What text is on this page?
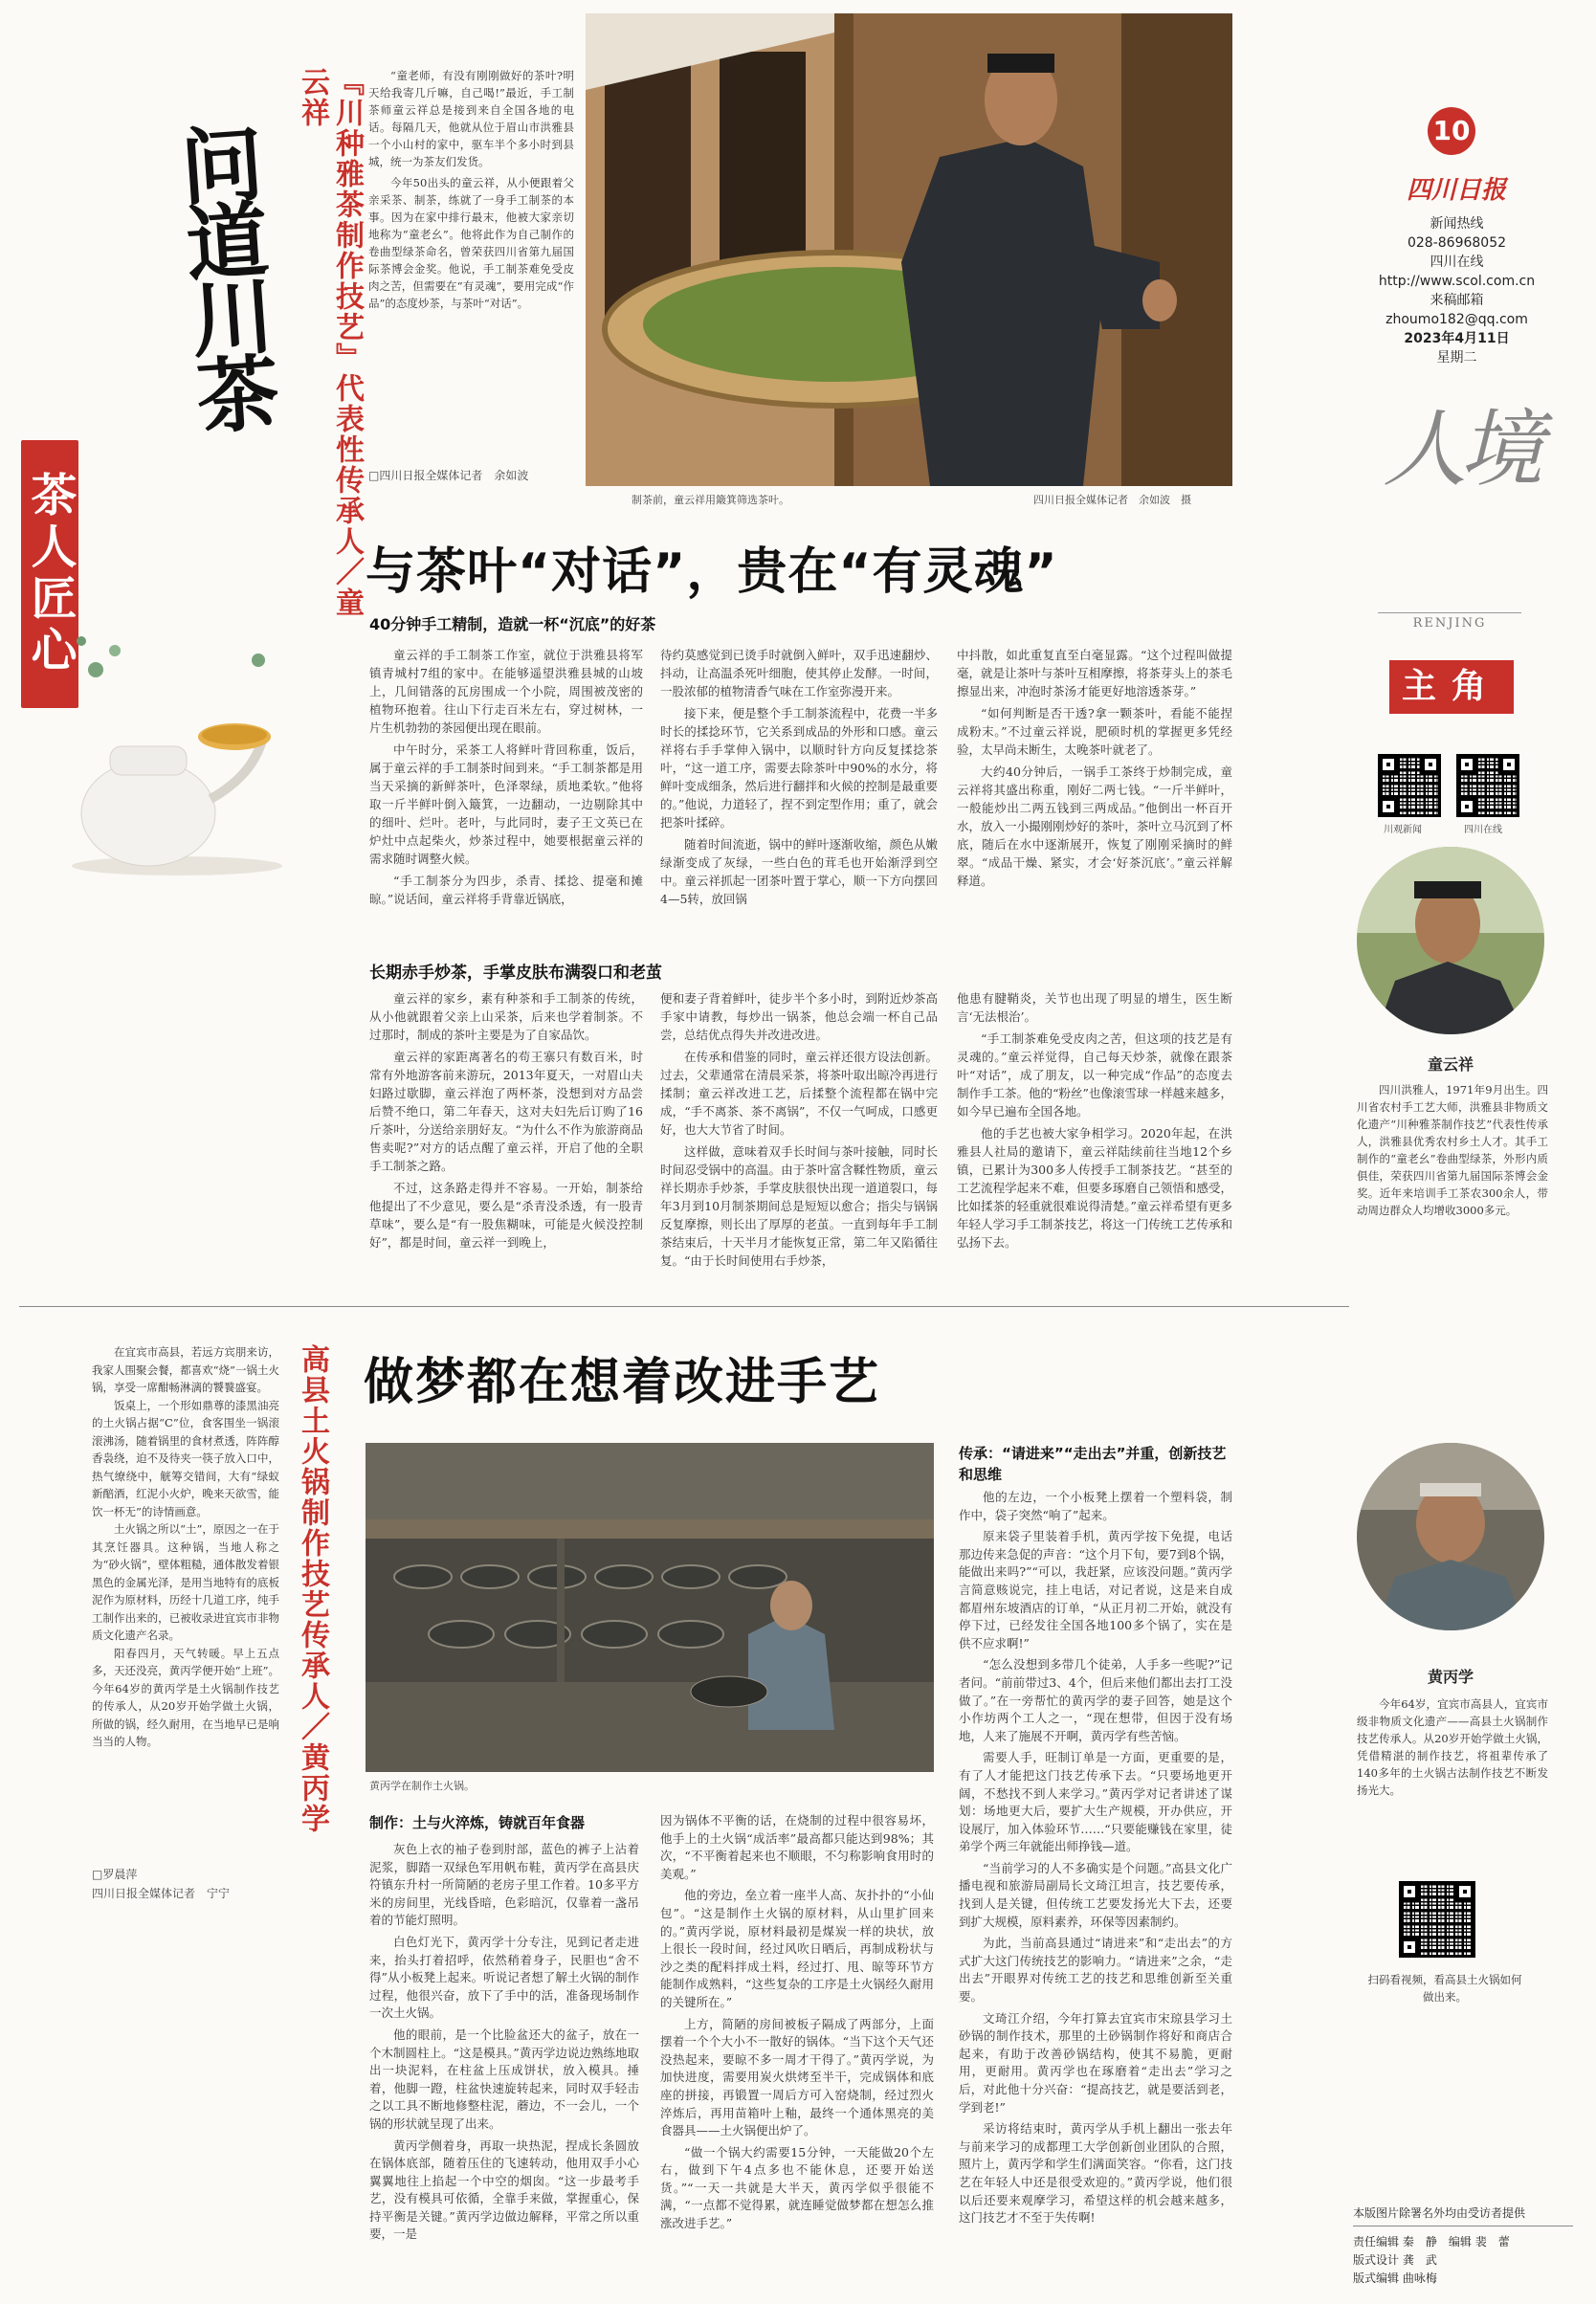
问道川茶
茶人匠心	『川种雅茶制作技艺』代表性传承人／童云祥	“童老师，有没有刚刚做好的茶叶?明天给我寄几斤嘛，自己喝!”最近，手工制茶师童云祥总是接到来自全国各地的电话。每隔几天，他就从位于眉山市洪雅县一个小山村的家中，驱车半个多小时到县城，统一为茶友们发货。

今年50出头的童云祥，从小便跟着父亲采茶、制茶，练就了一身手工制茶的本事。因为在家中排行最末，他被大家亲切地称为“童老幺”。他将此作为自己制作的卷曲型绿茶命名，曾荣获四川省第九届国际茶博会金奖。他说，手工制茶难免受皮肉之苦，但需要在“有灵魂”，要用完成“作品”的态度炒茶，与茶叶“对话”。

□四川日报全媒体记者　余如波
制茶前，童云祥用簸箕筛选茶叶。	四川日报全媒体记者　余如波　摄
与茶叶“对话”，贵在“有灵魂”
40分钟手工精制，造就一杯“沉底”的好茶

童云祥的手工制茶工作室，就位于洪雅县将军镇青城村7组的家中。在能够遥望洪雅县城的山坡上，几间错落的瓦房围成一个小院，周围被茂密的植物环抱着。往山下行走百米左右，穿过树林，一片生机勃勃的茶园便出现在眼前。

中午时分，采茶工人将鲜叶背回称重，饭后，属于童云祥的手工制茶时间到来。“手工制茶都是用当天采摘的新鲜茶叶，色泽翠绿，质地柔软。”他将取一斤半鲜叶倒入簸箕，一边翻动，一边剔除其中的细叶、烂叶。老叶，与此同时，妻子王文英已在炉灶中点起柴火，炒茶过程中，她要根据童云祥的需求随时调整火候。

“手工制茶分为四步，杀青、揉捻、提毫和摊晾。”说话间，童云祥将手背靠近锅底，

待约莫感觉到已烫手时就倒入鲜叶，双手迅速翻炒、抖动，让高温杀死叶细胞，使其停止发酵。一时间，一股浓郁的植物清香气味在工作室弥漫开来。

接下来，便是整个手工制茶流程中，花费一半多时长的揉捻环节，它关系到成品的外形和口感。童云祥将右手手掌伸入锅中，以顺时针方向反复揉捻茶叶，“这一道工序，需要去除茶叶中90%的水分，将鲜叶变成细条，然后进行翻拌和火候的控制是最重要的。”他说，力道轻了，捏不到定型作用；重了，就会把茶叶揉碎。

随着时间流逝，锅中的鲜叶逐渐收缩，颜色从嫩绿渐变成了灰绿，一些白色的茸毛也开始渐浮到空中。童云祥抓起一团茶叶置于掌心，顺一下方向摆回4—5转，放回锅

中抖散，如此重复直至白毫显露。“这个过程叫做提毫，就是让茶叶与茶叶互相摩擦，将茶芽头上的茶毛擦显出来，冲泡时茶汤才能更好地溶透茶芽。”

“如何判断是否干透?拿一颗茶叶，看能不能捏成粉末。”不过童云祥说，肥硕时机的掌握更多凭经验，太早尚未断生，太晚茶叶就老了。

大约40分钟后，一锅手工茶终于炒制完成，童云祥将其盛出称重，刚好二两七钱。“一斤半鲜叶，一般能炒出二两五钱到三两成品。”他倒出一杯百开水，放入一小撮刚刚炒好的茶叶，茶叶立马沉到了杯底，随后在水中逐渐展开，恢复了刚刚采摘时的鲜翠。“成品干燥、紧实，才会‘好茶沉底’。”童云祥解释道。

长期赤手炒茶，手掌皮肤布满裂口和老茧

童云祥的家乡，素有种茶和手工制茶的传统，从小他就跟着父亲上山采茶，后来也学着制茶。不过那时，制成的茶叶主要是为了自家品饮。

童云祥的家距离著名的苟王寨只有数百米，时常有外地游客前来游玩，2013年夏天，一对眉山夫妇路过歇脚，童云祥泡了两杯茶，没想到对方品尝后赞不绝口，第二年春天，这对夫妇先后订购了16斤茶叶，分送给亲朋好友。“为什么不作为旅游商品售卖呢?”对方的话点醒了童云祥，开启了他的全职手工制茶之路。

不过，这条路走得并不容易。一开始，制茶给他提出了不少意见，要么是“杀青没杀透，有一股青草味”，要么是“有一股焦糊味，可能是火候没控制好”，都是时间，童云祥一到晚上，

便和妻子背着鲜叶，徒步半个多小时，到附近炒茶高手家中请教，每炒出一锅茶，他总会端一杯自己品尝，总结优点得失并改进改进。

在传承和借鉴的同时，童云祥还很方设法创新。过去，父辈通常在清晨采茶，将茶叶取出晾冷再进行揉制；童云祥改进工艺，后揉整个流程都在锅中完成，“手不离茶、茶不离锅”，不仅一气呵成，口感更好，也大大节省了时间。

这样做，意味着双手长时间与茶叶接触，同时长时间忍受锅中的高温。由于茶叶富含鞣性物质，童云祥长期赤手炒茶，手掌皮肤很快出现一道道裂口，每年3月到10月制茶期间总是短短以愈合；指尖与锅锅反复摩擦，则长出了厚厚的老茧。一直到每年手工制茶结束后，十天半月才能恢复正常，第二年又陷循往复。“由于长时间使用右手炒茶，

他患有腱鞘炎，关节也出现了明显的增生，医生断言‘无法根治’。

“手工制茶难免受皮肉之苦，但这项的技艺是有灵魂的。”童云祥觉得，自己每天炒茶，就像在跟茶叶“对话”，成了朋友，以一种完成“作品”的态度去制作手工茶。他的“粉丝”也像滚雪球一样越来越多，如今早已遍布全国各地。

他的手艺也被大家争相学习。2020年起，在洪雅县人社局的邀请下，童云祥陆续前往当地12个乡镇，已累计为300多人传授手工制茶技艺。“甚至的工艺流程学起来不难，但要多琢磨自己领悟和感受，比如揉茶的轻重就很难说得清楚。”童云祥希望有更多年轻人学习手工制茶技艺，将这一门传统工艺传承和弘扬下去。

10
四川日报
新闻热线
028-86968052
四川在线
http://www.scol.com.cn
来稿邮箱
zhoumo182@qq.com
2023年4月11日
星期二
人境
RENJING
主角
川观新闻	四川在线
童云祥

四川洪雅人，1971年9月出生。四川省农村手工艺大师，洪雅县非物质文化遗产“川种雅茶制作技艺”代表性传承人，洪雅县优秀农村乡土人才。其手工制作的“童老幺”卷曲型绿茶，外形内质俱佳，荣获四川省第九届国际茶博会金奖。近年来培训手工茶农300余人，带动周边群众人均增收3000多元。

在宜宾市高县，若远方宾朋来访，我家人围聚会餐，都喜欢“烧”一锅土火锅，享受一席酣畅淋漓的饕餮盛宴。

饭桌上，一个形如鼎尊的漆黑油亮的土火锅占据“C”位，食客围坐一锅滚滚沸汤，随着锅里的食材煮透，阵阵醇香袅绕，迫不及待夹一筷子放入口中，热气缭绕中，觥筹交错间，大有“绿蚁新醅酒，红泥小火炉，晚来天欲雪，能饮一杯无”的诗情画意。

土火锅之所以“土”，原因之一在于其烹饪器具。这种锅，当地人称之为“砂火锅”，壁体粗糙，通体散发着银黑色的金属光泽，是用当地特有的底板泥作为原材料，历经十几道工序，纯手工制作出来的，已被收录进宜宾市非物质文化遗产名录。

阳春四月，天气转暖。早上五点多，天还没亮，黄丙学便开始“上班”。今年64岁的黄丙学是土火锅制作技艺的传承人，从20岁开始学做土火锅，所做的锅，经久耐用，在当地早已是响当当的人物。

□罗晨萍
四川日报全媒体记者　宁宁
高县土火锅制作技艺传承人／黄丙学 做梦都在想着改进手艺
黄丙学在制作土火锅。
制作：土与火淬炼，铸就百年食器

灰色上衣的袖子卷到肘部，蓝色的裤子上沾着泥浆，脚踏一双绿色军用帆布鞋，黄丙学在高县庆符镇东升村一所简陋的老房子里工作着。10多平方米的房间里，光线昏暗，色彩暗沉，仅靠着一盏吊着的节能灯照明。

白色灯光下，黄丙学十分专注，见到记者走进来，抬头打着招呼，依然稍着身子，民胆也“舍不得”从小板凳上起来。听说记者想了解土火锅的制作过程，他很兴奋，放下了手中的活，准备现场制作一次土火锅。

他的眼前，是一个比脸盆还大的盆子，放在一个木制圆柱上。“这是模具。”黄丙学边说边熟练地取出一块泥料，在柱盆上压成饼状，放入模具。捶着，他脚一蹬，柱盆快速旋转起来，同时双手轻击之以工具不断地修整柱泥，蘑边，不一会儿，一个锅的形状就呈现了出来。

黄丙学侧着身，再取一块热泥，捏成长条圆放在锅体底部，随着压住的飞速转动，他用双手小心翼翼地往上掐起一个中空的烟囱。“这一步最考手艺，没有模具可依循，全靠手来做，掌握重心，保持平衡是关键。”黄丙学边做边解释，平常之所以重要，一是

因为锅体不平衡的话，在烧制的过程中很容易坏，他手上的土火锅“成活率”最高都只能达到98%；其次，“不平衡着起来也不顺眼，不匀称影响食用时的美观。”

他的旁边，垒立着一座半人高、灰扑扑的“小仙包”。“这是制作土火锅的原材料，从山里扩回来的。”黄丙学说，原材料最初是煤炭一样的块状，放上很长一段时间，经过风吹日晒后，再制成粉状与沙之类的配料拌成土料，经过打、甩、晾等环节方能制作成熟料，“这些复杂的工序是土火锅经久耐用的关键所在。”

上方，简陋的房间被板子隔成了两部分，上面摆着一个个大小不一散好的锅体。“当下这个天气还没热起来，要晾不多一周才干得了。”黄丙学说，为加快进度，需要用炭火烘烤至半干，完成锅体和底座的拼接，再锻置一周后方可入窑烧制，经过烈火淬炼后，再用苗箱叶上釉，最终一个通体黑亮的美食器具——土火锅便出炉了。

“做一个锅大约需要15分钟，一天能做20个左右，做到下午4点多也不能休息，还要开始送货。”“一天一共就是大半天，黄丙学似乎很能不满，“一点都不觉得累，就连睡觉做梦都在想怎么推涨改进手艺。”

传承：“请进来”“走出去”并重，创新技艺和思维

他的左边，一个小板凳上摆着一个塑料袋，制作中，袋子突然“响了”起来。

原来袋子里装着手机，黄丙学按下免提，电话那边传来急促的声音：“这个月下旬，要7到8个锅，能做出来吗?”“可以，我赶紧，应该没问题。”黄丙学言简意赅说完，挂上电话，对记者说，这是来自成都眉州东坡酒店的订单，“从正月初二开始，就没有停下过，已经发往全国各地100多个锅了，实在是供不应求啊!”

“怎么没想到多带几个徒弟，人手多一些呢?”记者问。“前前带过3、4个，但后来他们都出去打工没做了。”在一旁帮忙的黄丙学的妻子回答，她是这个小作坊两个工人之一，“现在想带，但因于没有场地，人来了施展不开啊，黄丙学有些苦恼。

需要人手，旺制订单是一方面，更重要的是，有了人才能把这门技艺传承下去。“只要场地更开阔，不愁找不到人来学习。”黄丙学对记者讲述了谋划：场地更大后，要扩大生产规模，开办供应，开设展厅，加入体验环节……“只要能赚钱在家里，徒弟学个两三年就能出师挣钱—道。

“当前学习的人不多确实是个问题。”高县文化广播电视和旅游局副局长文琦江坦言，技艺要传承，找到人是关键，但传统工艺要发扬光大下去，还要到扩大规模，原料素养，环保等因素制约。

为此，当前高县通过“请进来”和“走出去”的方式扩大这门传统技艺的影响力。“请进来”之余，“走出去”开眼界对传统工艺的技艺和思维创新至关重要。

文琦江介绍，今年打算去宜宾市宋琼县学习土砂锅的制作技术，那里的土砂锅制作将好和商店合起来，有助于改善砂锅结构，使其不易脆，更耐用，更耐用。黄丙学也在琢磨着“走出去”学习之后，对此他十分兴奋：“提高技艺，就是要活到老，学到老!”

采访将结束时，黄丙学从手机上翻出一张去年与前来学习的成都理工大学创新创业团队的合照，照片上，黄丙学和学生们满面笑容。“你看，这门技艺在年轻人中还是很受欢迎的。”黄丙学说，他们很以后还要来观摩学习，希望这样的机会越来越多，这门技艺才不至于失传啊!

黄丙学

今年64岁，宜宾市高县人，宜宾市级非物质文化遗产——高县土火锅制作技艺传承人。从20岁开始学做土火锅，凭借精湛的制作技艺，将祖辈传承了140多年的土火锅古法制作技艺不断发扬光大。

扫码看视频，看高县土火锅如何做出来。
本版图片除署名外均由受访者提供
责任编辑 秦　静　 编辑 裴　蕾
版式设计 龚　武
版式编辑 曲咏梅
